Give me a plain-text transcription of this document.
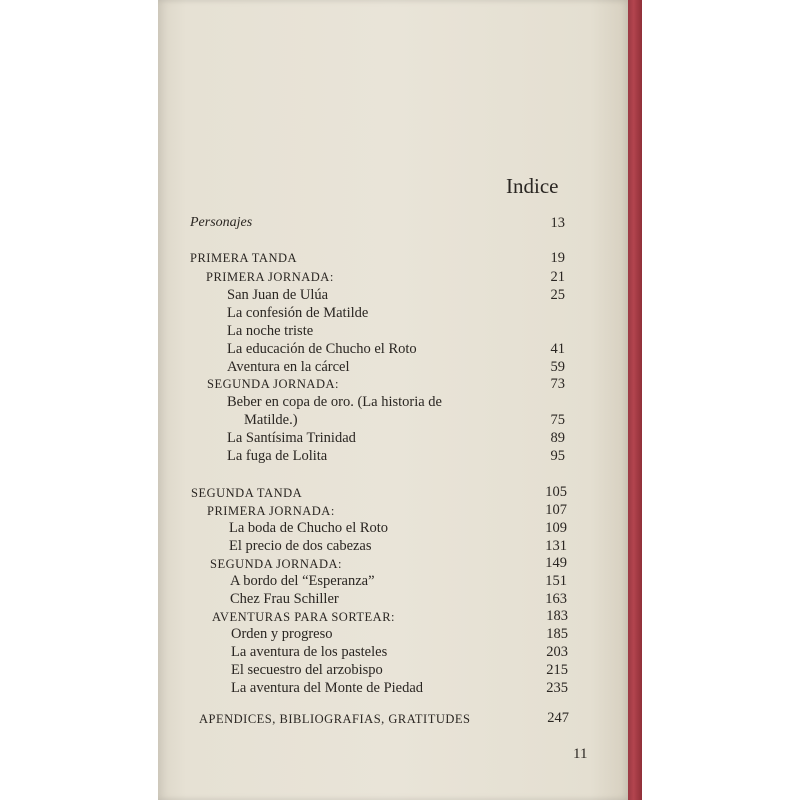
Indice
Personajes	13
PRIMERA TANDA	19
PRIMERA JORNADA:	21
San Juan de Ulúa	25
La confesión de Matilde
La noche triste
La educación de Chucho el Roto	41
Aventura en la cárcel	59
SEGUNDA JORNADA:	73
Beber en copa de oro. (La historia de
Matilde.)	75
La Santísima Trinidad	89
La fuga de Lolita	95
SEGUNDA TANDA	105
PRIMERA JORNADA:	107
La boda de Chucho el Roto	109
El precio de dos cabezas	131
SEGUNDA JORNADA:	149
A bordo del “Esperanza”	151
Chez Frau Schiller	163
AVENTURAS PARA SORTEAR:	183
Orden y progreso	185
La aventura de los pasteles	203
El secuestro del arzobispo	215
La aventura del Monte de Piedad	235
APENDICES, BIBLIOGRAFIAS, GRATITUDES	247
11
